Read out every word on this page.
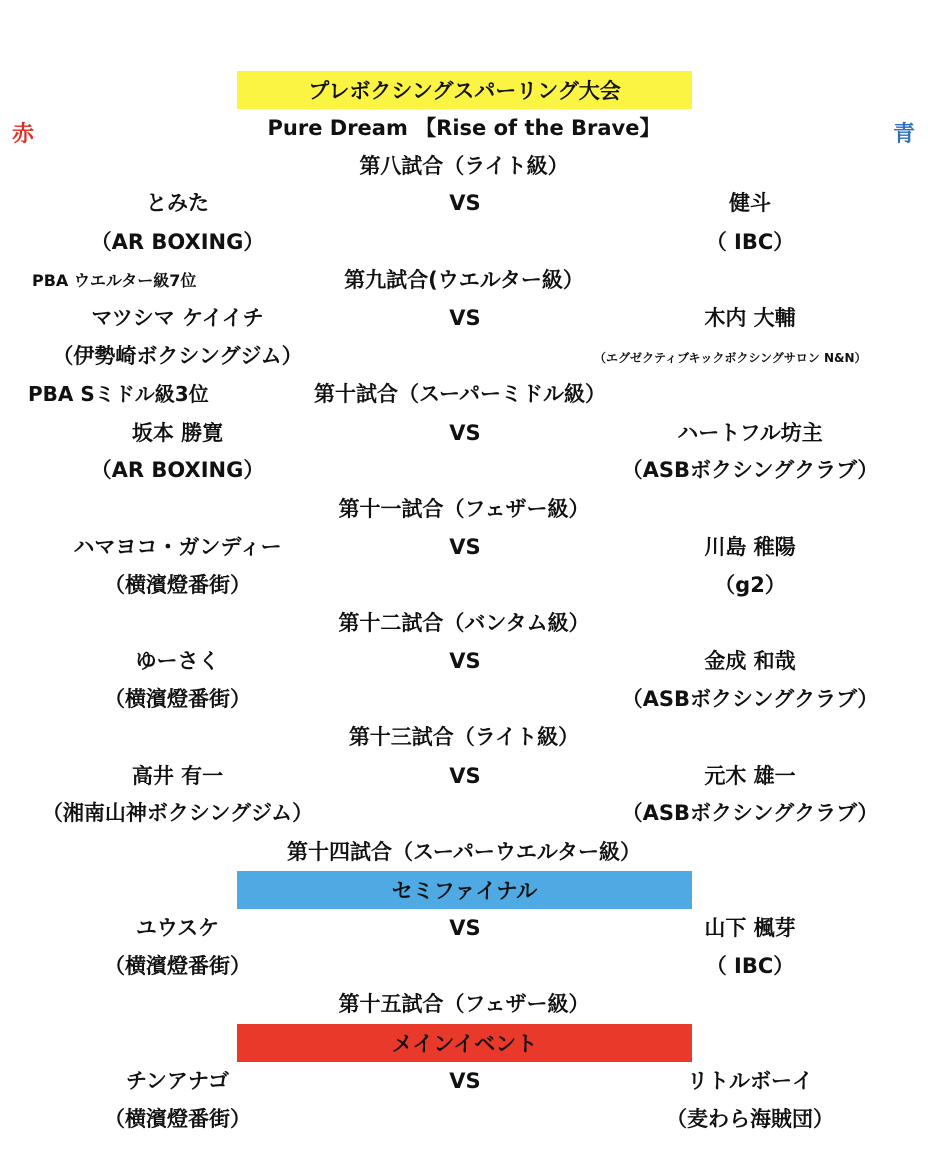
プレボクシングスパーリング大会
赤	青
Pure Dream 【Rise of the Brave】
第八試合（ライト級）
とみた	VS	健斗
（AR BOXING）	（ IBC）
PBA ウエルター級7位	第九試合(ウエルター級）
マツシマ ケイイチ	VS	木内 大輔
（伊勢崎ボクシングジム）	（エグゼクティブキックボクシングサロン N&N）
PBA Sミドル級3位	第十試合（スーパーミドル級）
坂本 勝寛	VS	ハートフル坊主
（AR BOXING）	（ASBボクシングクラブ）
第十一試合（フェザー級）
ハマヨコ・ガンディー	VS	川島 稚陽
（横濱燈番街）	（g2）
第十二試合（バンタム級）
ゆーさく	VS	金成 和哉
（横濱燈番街）	（ASBボクシングクラブ）
第十三試合（ライト級）
高井 有一	VS	元木 雄一
（湘南山神ボクシングジム）	（ASBボクシングクラブ）
第十四試合（スーパーウエルター級）
セミファイナル
ユウスケ	VS	山下 楓芽
（横濱燈番街）	（ IBC）
第十五試合（フェザー級）
メインイベント
チンアナゴ	VS	リトルボーイ
（横濱燈番街）	（麦わら海賊団）
